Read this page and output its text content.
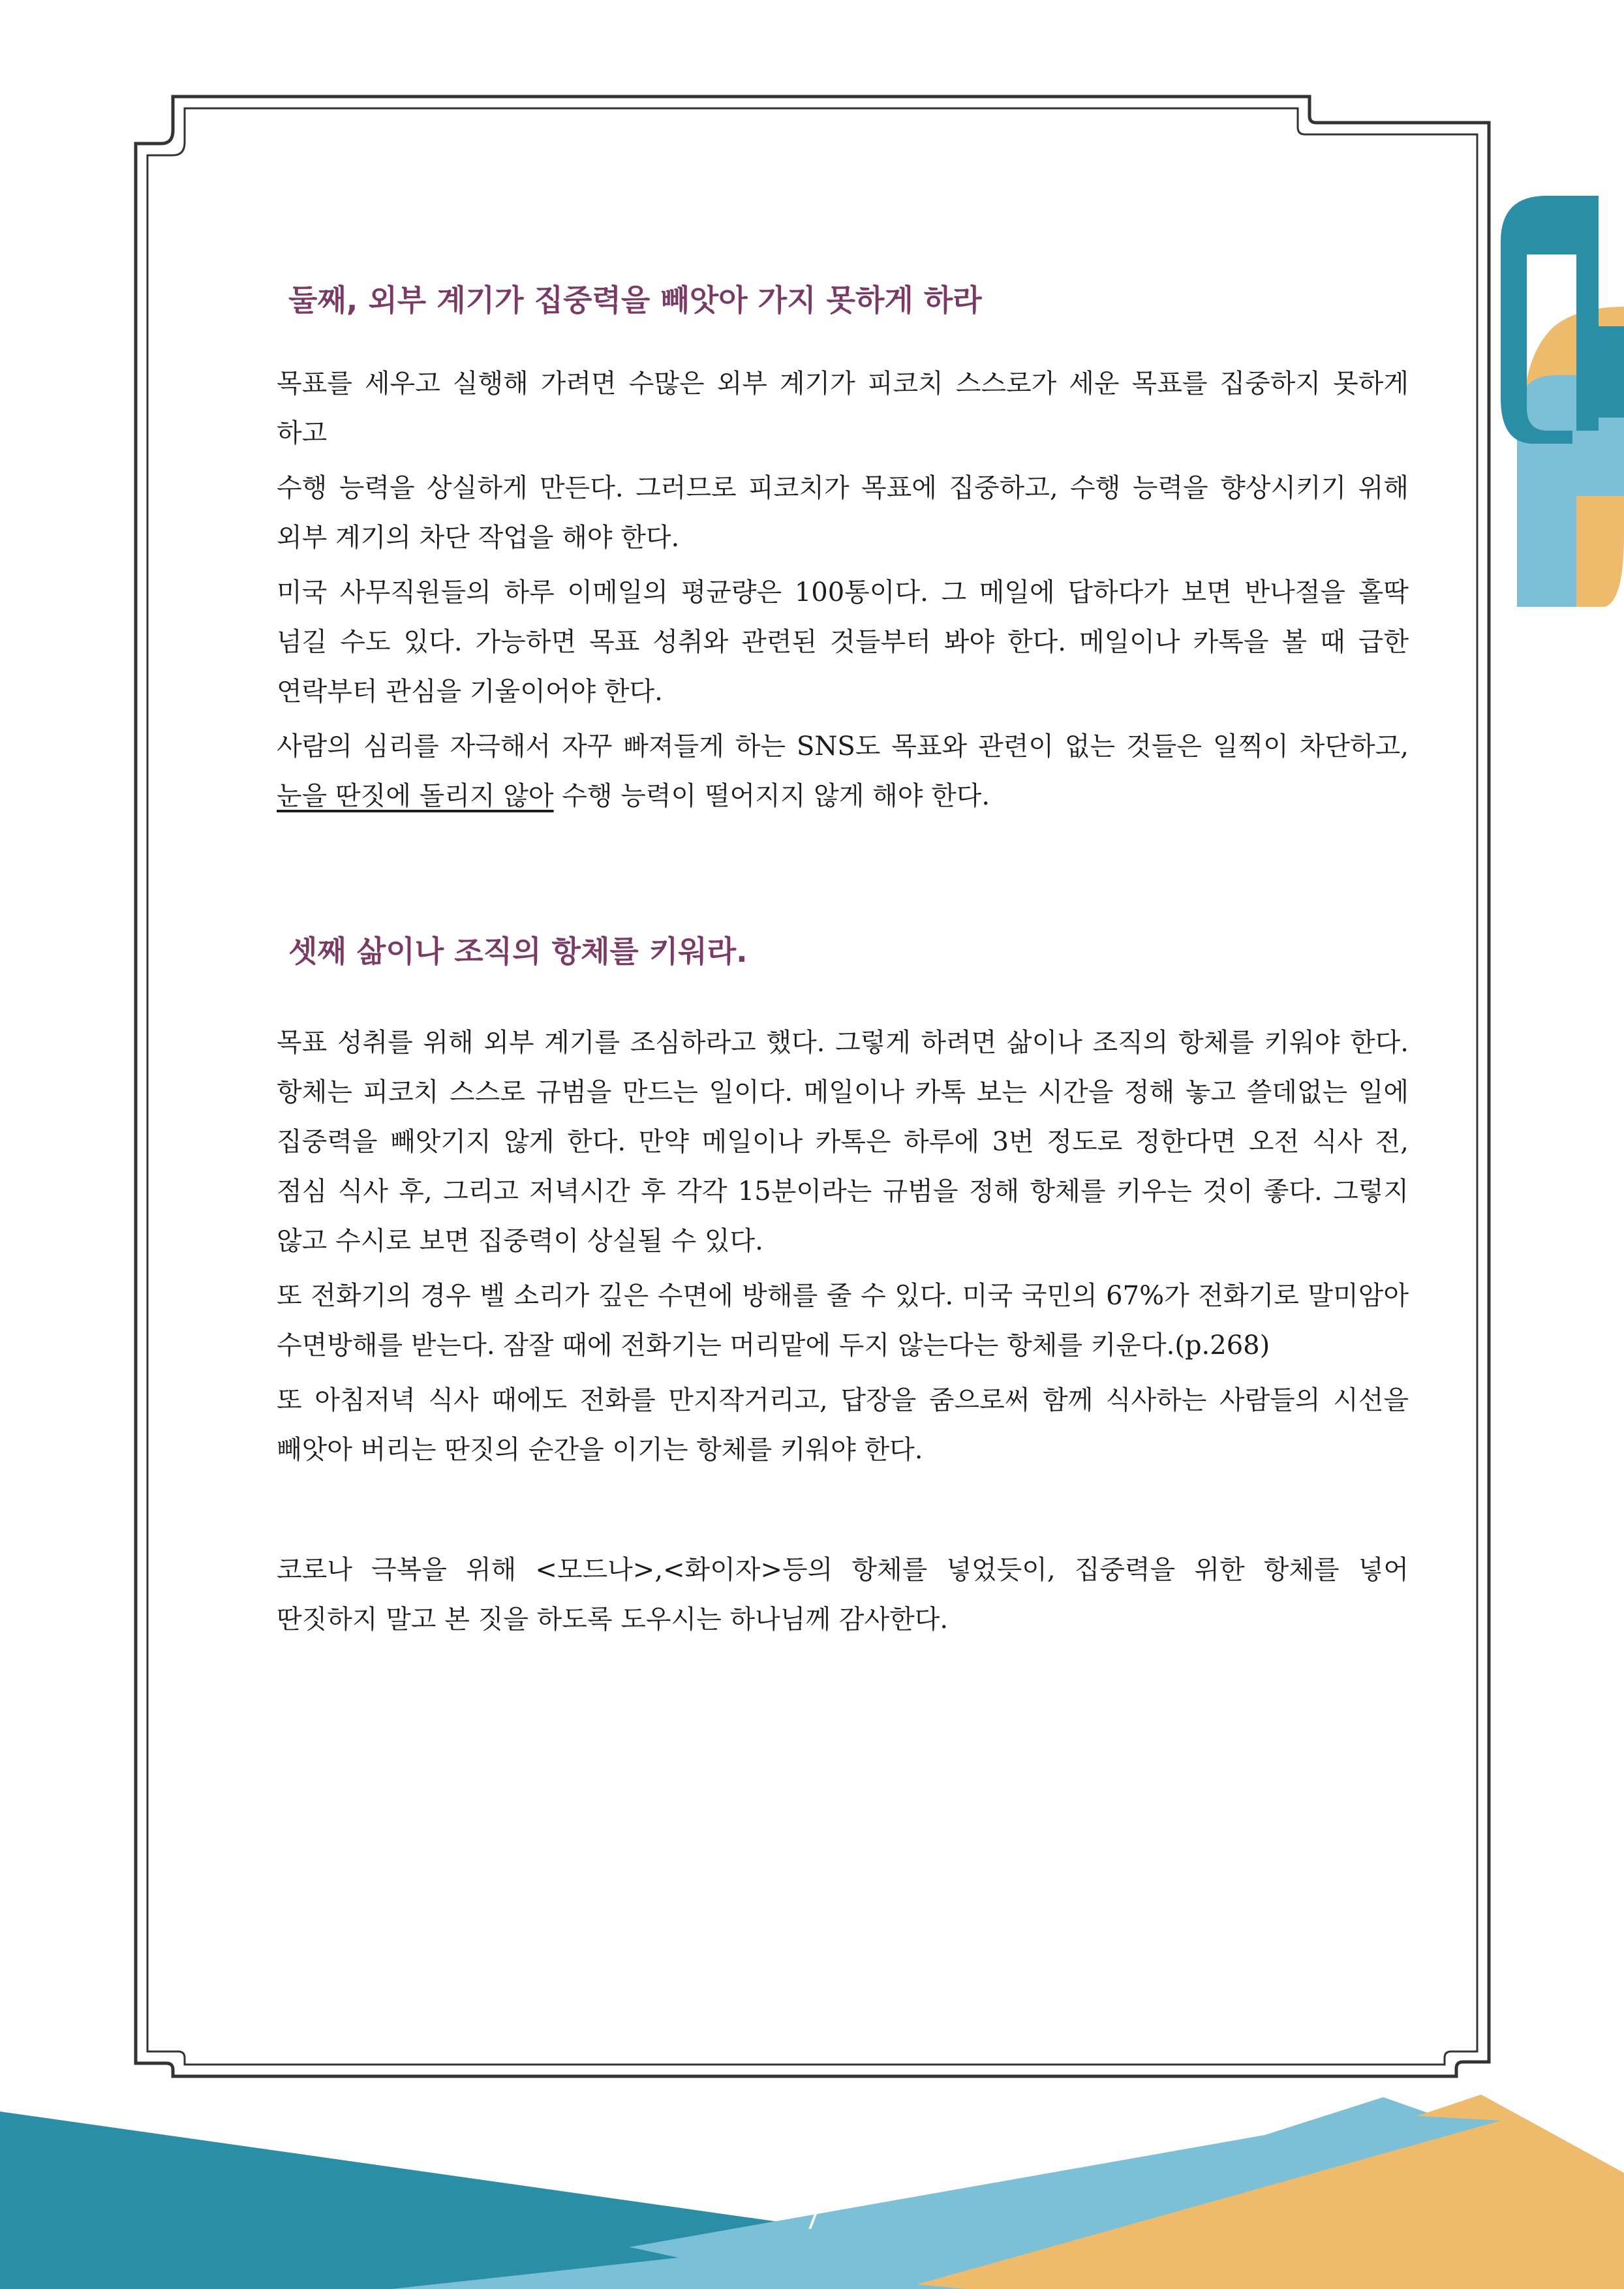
둘째, 외부 계기가 집중력을 빼앗아 가지 못하게 하라

목표를 세우고 실행해 가려면 수많은 외부 계기가 피코치 스스로가 세운 목표를 집중하지 못하게 하고

수행 능력을 상실하게 만든다. 그러므로 피코치가 목표에 집중하고, 수행 능력을 향상시키기 위해 외부 계기의 차단 작업을 해야 한다.

미국 사무직원들의 하루 이메일의 평균량은 100통이다. 그 메일에 답하다가 보면 반나절을 홀딱 넘길 수도 있다. 가능하면 목표 성취와 관련된 것들부터 봐야 한다. 메일이나 카톡을 볼 때 급한 연락부터 관심을 기울이어야 한다.

사람의 심리를 자극해서 자꾸 빠져들게 하는 SNS도 목표와 관련이 없는 것들은 일찍이 차단하고, 눈을 딴짓에 돌리지 않아 수행 능력이 떨어지지 않게 해야 한다.

셋째 삶이나 조직의 항체를 키워라.

목표 성취를 위해 외부 계기를 조심하라고 했다. 그렇게 하려면 삶이나 조직의 항체를 키워야 한다. 항체는 피코치 스스로 규범을 만드는 일이다. 메일이나 카톡 보는 시간을 정해 놓고 쓸데없는 일에 집중력을 빼앗기지 않게 한다. 만약 메일이나 카톡은 하루에 3번 정도로 정한다면 오전 식사 전, 점심 식사 후, 그리고 저녁시간 후 각각 15분이라는 규범을 정해 항체를 키우는 것이 좋다. 그렇지 않고 수시로 보면 집중력이 상실될 수 있다.

또 전화기의 경우 벨 소리가 깊은 수면에 방해를 줄 수 있다. 미국 국민의 67%가 전화기로 말미암아 수면방해를 받는다. 잠잘 때에 전화기는 머리맡에 두지 않는다는 항체를 키운다.(p.268)

또 아침저녁 식사 때에도 전화를 만지작거리고, 답장을 줌으로써 함께 식사하는 사람들의 시선을 빼앗아 버리는 딴짓의 순간을 이기는 항체를 키워야 한다.

코로나 극복을 위해 <모드나>,<화이자>등의 항체를 넣었듯이, 집중력을 위한 항체를 넣어 딴짓하지 말고 본 짓을 하도록 도우시는 하나님께 감사한다.

7
